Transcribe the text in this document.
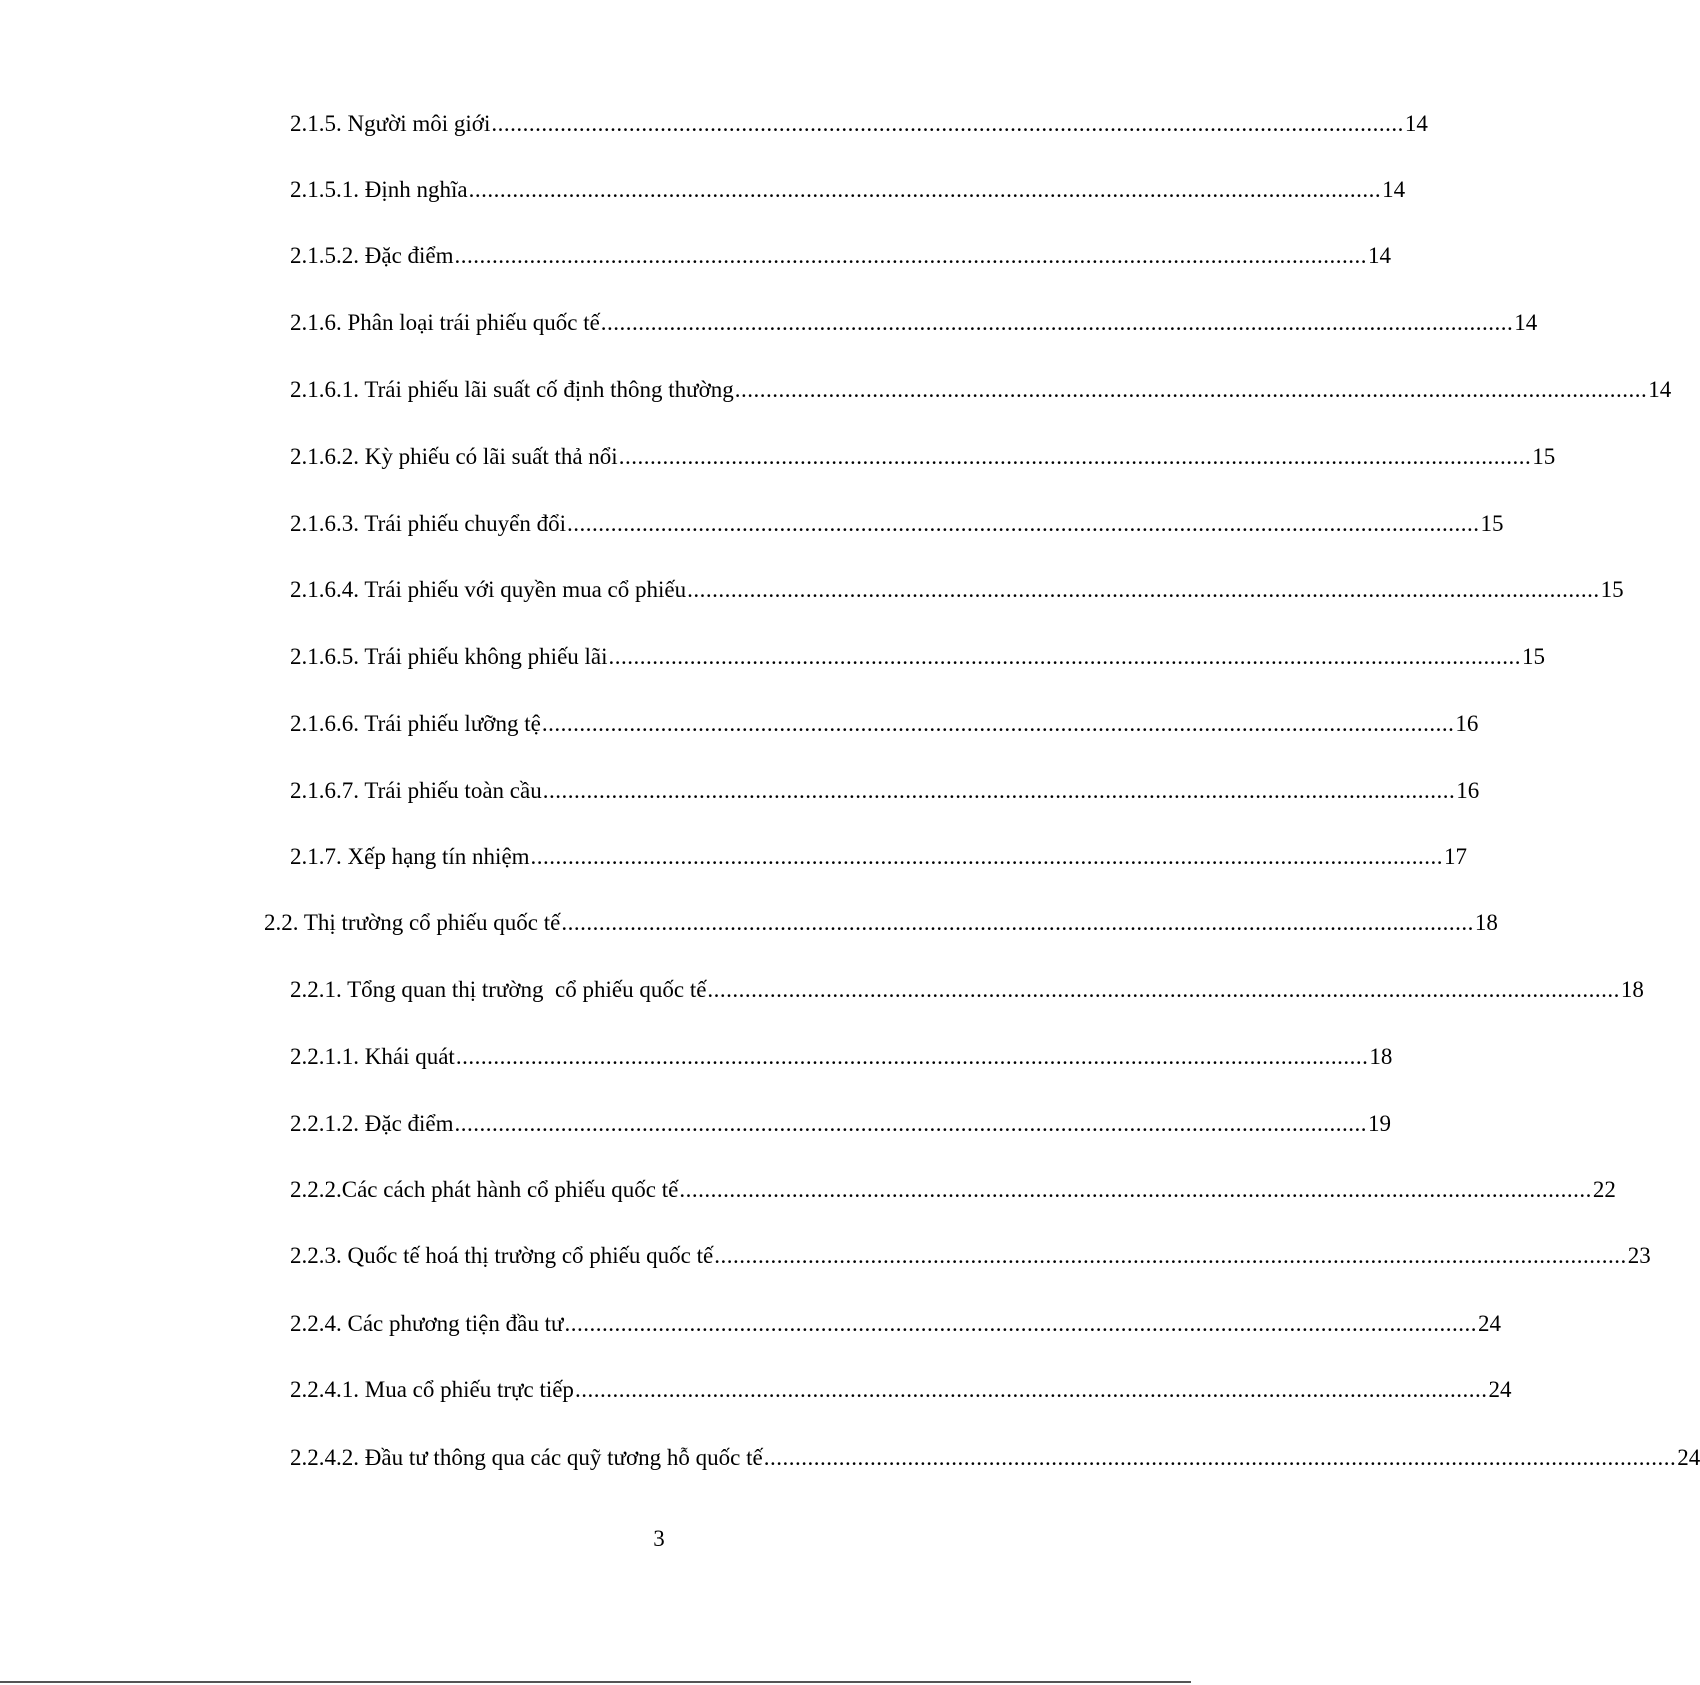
2.1.5. Người môi giới .................................................................................................................................................. 14
2.1.5.1. Định nghĩa .................................................................................................................................................. 14
2.1.5.2. Đặc điểm .................................................................................................................................................. 14
2.1.6. Phân loại trái phiếu quốc tế .................................................................................................................................................. 14
2.1.6.1. Trái phiếu lãi suất cố định thông thường .................................................................................................................................................. 14
2.1.6.2. Kỳ phiếu có lãi suất thả nổi .................................................................................................................................................. 15
2.1.6.3. Trái phiếu chuyển đổi .................................................................................................................................................. 15
2.1.6.4. Trái phiếu với quyền mua cổ phiếu .................................................................................................................................................. 15
2.1.6.5. Trái phiếu không phiếu lãi .................................................................................................................................................. 15
2.1.6.6. Trái phiếu lưỡng tệ .................................................................................................................................................. 16
2.1.6.7. Trái phiếu toàn cầu .................................................................................................................................................. 16
2.1.7. Xếp hạng tín nhiệm .................................................................................................................................................. 17
2.2. Thị trường cổ phiếu quốc tế .................................................................................................................................................. 18
2.2.1. Tổng quan thị trường  cổ phiếu quốc tế .................................................................................................................................................. 18
2.2.1.1. Khái quát .................................................................................................................................................. 18
2.2.1.2. Đặc điểm .................................................................................................................................................. 19
2.2.2.Các cách phát hành cổ phiếu quốc tế .................................................................................................................................................. 22
2.2.3. Quốc tế hoá thị trường cổ phiếu quốc tế .................................................................................................................................................. 23
2.2.4. Các phương tiện đầu tư .................................................................................................................................................. 24
2.2.4.1. Mua cổ phiếu trực tiếp .................................................................................................................................................. 24
2.2.4.2. Đầu tư thông qua các quỹ tương hỗ quốc tế .................................................................................................................................................. 24
3
